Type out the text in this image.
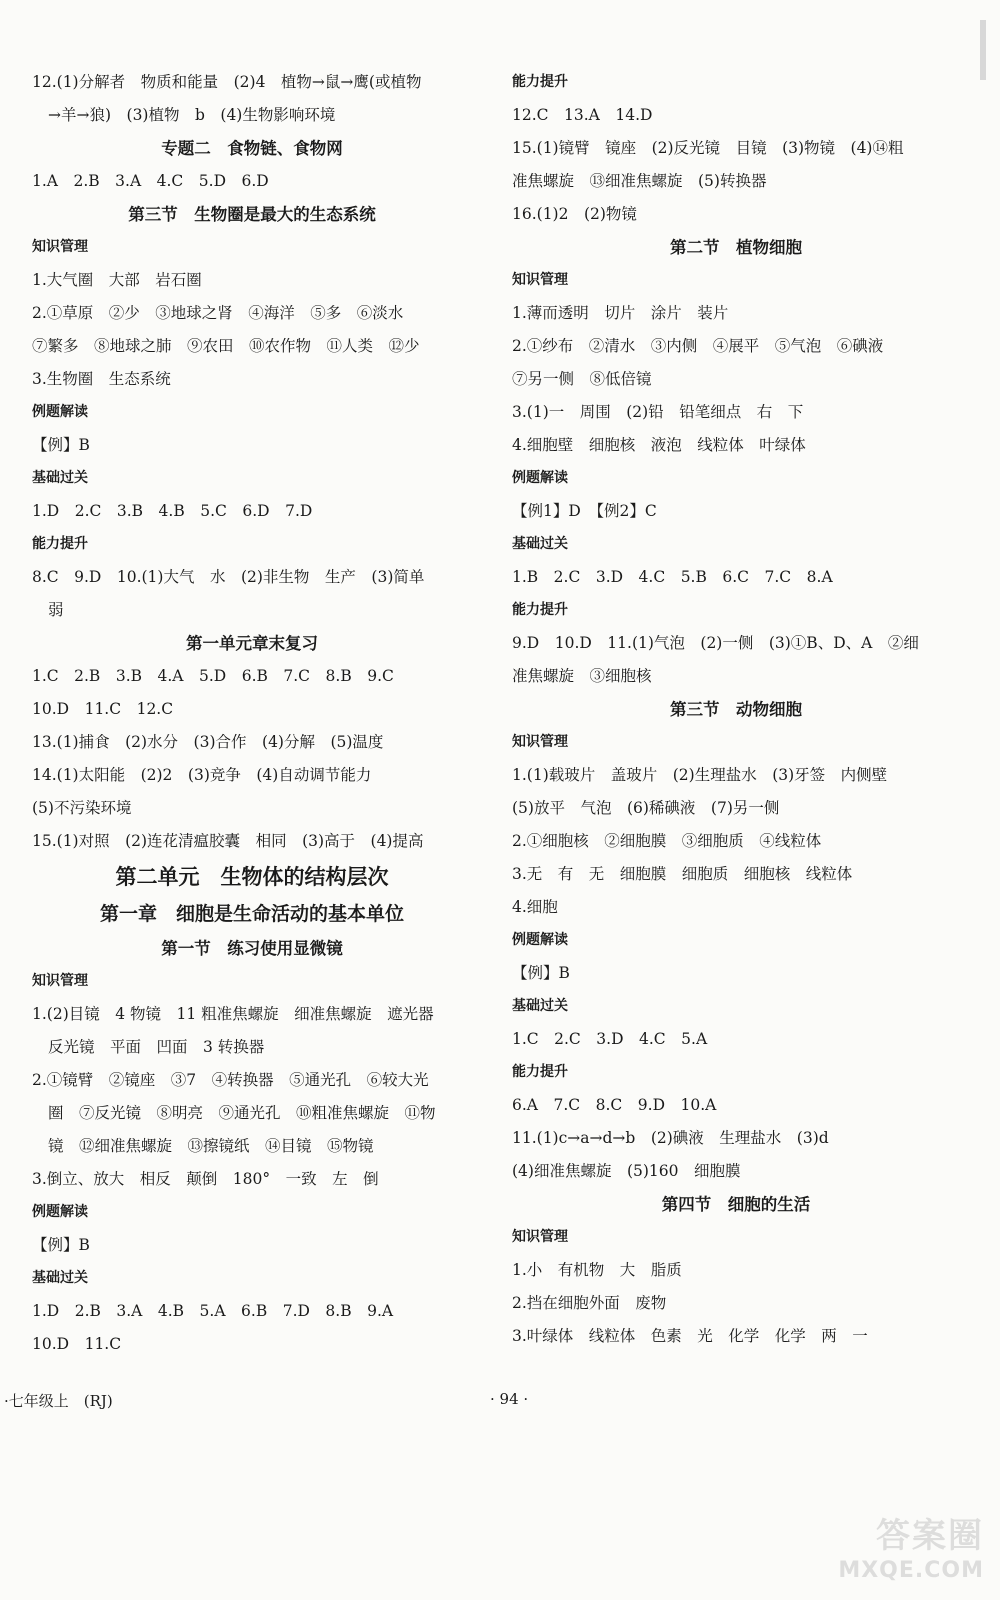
12.(1)分解者　物质和能量　(2)4　植物→鼠→鹰(或植物
→羊→狼)　(3)植物　b　(4)生物影响环境
专题二　食物链、食物网
1.A　2.B　3.A　4.C　5.D　6.D
第三节　生物圈是最大的生态系统
知识管理
1.大气圈　大部　岩石圈
2.①草原　②少　③地球之肾　④海洋　⑤多　⑥淡水
⑦繁多　⑧地球之肺　⑨农田　⑩农作物　⑪人类　⑫少
3.生物圈　生态系统
例题解读
【例】B
基础过关
1.D　2.C　3.B　4.B　5.C　6.D　7.D
能力提升
8.C　9.D　10.(1)大气　水　(2)非生物　生产　(3)简单
弱
第一单元章末复习
1.C　2.B　3.B　4.A　5.D　6.B　7.C　8.B　9.C
10.D　11.C　12.C
13.(1)捕食　(2)水分　(3)合作　(4)分解　(5)温度
14.(1)太阳能　(2)2　(3)竞争　(4)自动调节能力
(5)不污染环境
15.(1)对照　(2)连花清瘟胶囊　相同　(3)高于　(4)提高
第二单元　生物体的结构层次
第一章　细胞是生命活动的基本单位
第一节　练习使用显微镜
知识管理
1.(2)目镜　4 物镜　11 粗准焦螺旋　细准焦螺旋　遮光器
反光镜　平面　凹面　3 转换器
2.①镜臂　②镜座　③7　④转换器　⑤通光孔　⑥较大光
圈　⑦反光镜　⑧明亮　⑨通光孔　⑩粗准焦螺旋　⑪物
镜　⑫细准焦螺旋　⑬擦镜纸　⑭目镜　⑮物镜
3.倒立、放大　相反　颠倒　180°　一致　左　倒
例题解读
【例】B
基础过关
1.D　2.B　3.A　4.B　5.A　6.B　7.D　8.B　9.A
10.D　11.C
能力提升
12.C　13.A　14.D
15.(1)镜臂　镜座　(2)反光镜　目镜　(3)物镜　(4)⑭粗
准焦螺旋　⑬细准焦螺旋　(5)转换器
16.(1)2　(2)物镜
第二节　植物细胞
知识管理
1.薄而透明　切片　涂片　装片
2.①纱布　②清水　③内侧　④展平　⑤气泡　⑥碘液
⑦另一侧　⑧低倍镜
3.(1)一　周围　(2)铅　铅笔细点　右　下
4.细胞壁　细胞核　液泡　线粒体　叶绿体
例题解读
【例1】D　【例2】C
基础过关
1.B　2.C　3.D　4.C　5.B　6.C　7.C　8.A
能力提升
9.D　10.D　11.(1)气泡　(2)一侧　(3)①B、D、A　②细
准焦螺旋　③细胞核
第三节　动物细胞
知识管理
1.(1)载玻片　盖玻片　(2)生理盐水　(3)牙签　内侧壁
(5)放平　气泡　(6)稀碘液　(7)另一侧
2.①细胞核　②细胞膜　③细胞质　④线粒体
3.无　有　无　细胞膜　细胞质　细胞核　线粒体
4.细胞
例题解读
【例】B
基础过关
1.C　2.C　3.D　4.C　5.A
能力提升
6.A　7.C　8.C　9.D　10.A
11.(1)c→a→d→b　(2)碘液　生理盐水　(3)d
(4)细准焦螺旋　(5)160　细胞膜
第四节　细胞的生活
知识管理
1.小　有机物　大　脂质
2.挡在细胞外面　废物
3.叶绿体　线粒体　色素　光　化学　化学　两　一
·七年级上　(RJ)	· 94 ·
答案圈
MXQE.COM
